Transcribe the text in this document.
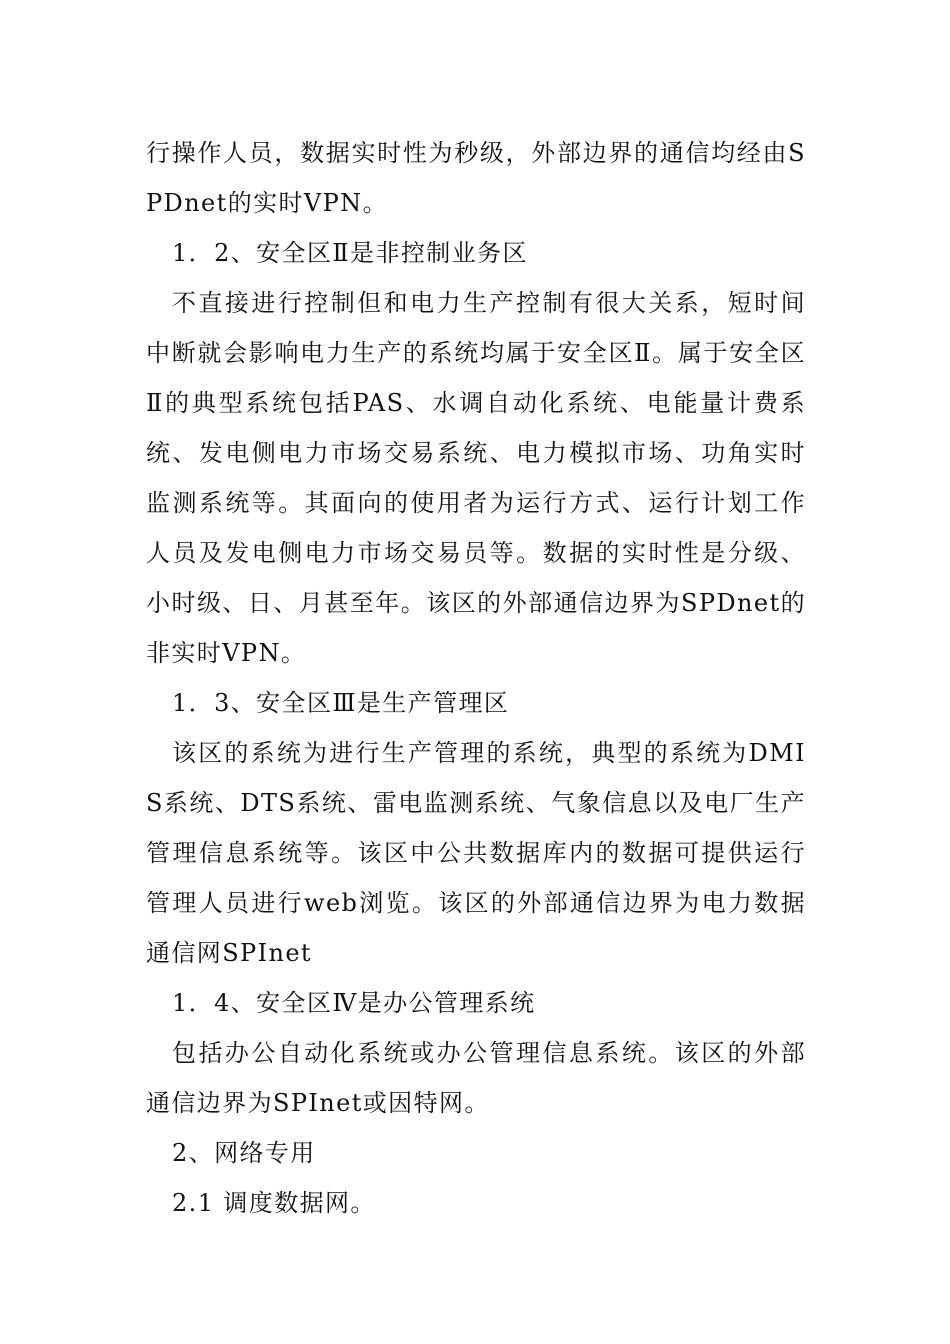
行操作人员，数据实时性为秒级，外部边界的通信均经由SPDnet的实时VPN。

1．2、安全区Ⅱ是非控制业务区

不直接进行控制但和电力生产控制有很大关系，短时间中断就会影响电力生产的系统均属于安全区Ⅱ。属于安全区Ⅱ的典型系统包括PAS、水调自动化系统、电能量计费系统、发电侧电力市场交易系统、电力模拟市场、功角实时监测系统等。其面向的使用者为运行方式、运行计划工作人员及发电侧电力市场交易员等。数据的实时性是分级、小时级、日、月甚至年。该区的外部通信边界为SPDnet的非实时VPN。

1．3、安全区Ⅲ是生产管理区

该区的系统为进行生产管理的系统，典型的系统为DMIS系统、DTS系统、雷电监测系统、气象信息以及电厂生产管理信息系统等。该区中公共数据库内的数据可提供运行管理人员进行web浏览。该区的外部通信边界为电力数据通信网SPInet

1．4、安全区Ⅳ是办公管理系统

包括办公自动化系统或办公管理信息系统。该区的外部通信边界为SPInet或因特网。

2、网络专用

2.1 调度数据网。
